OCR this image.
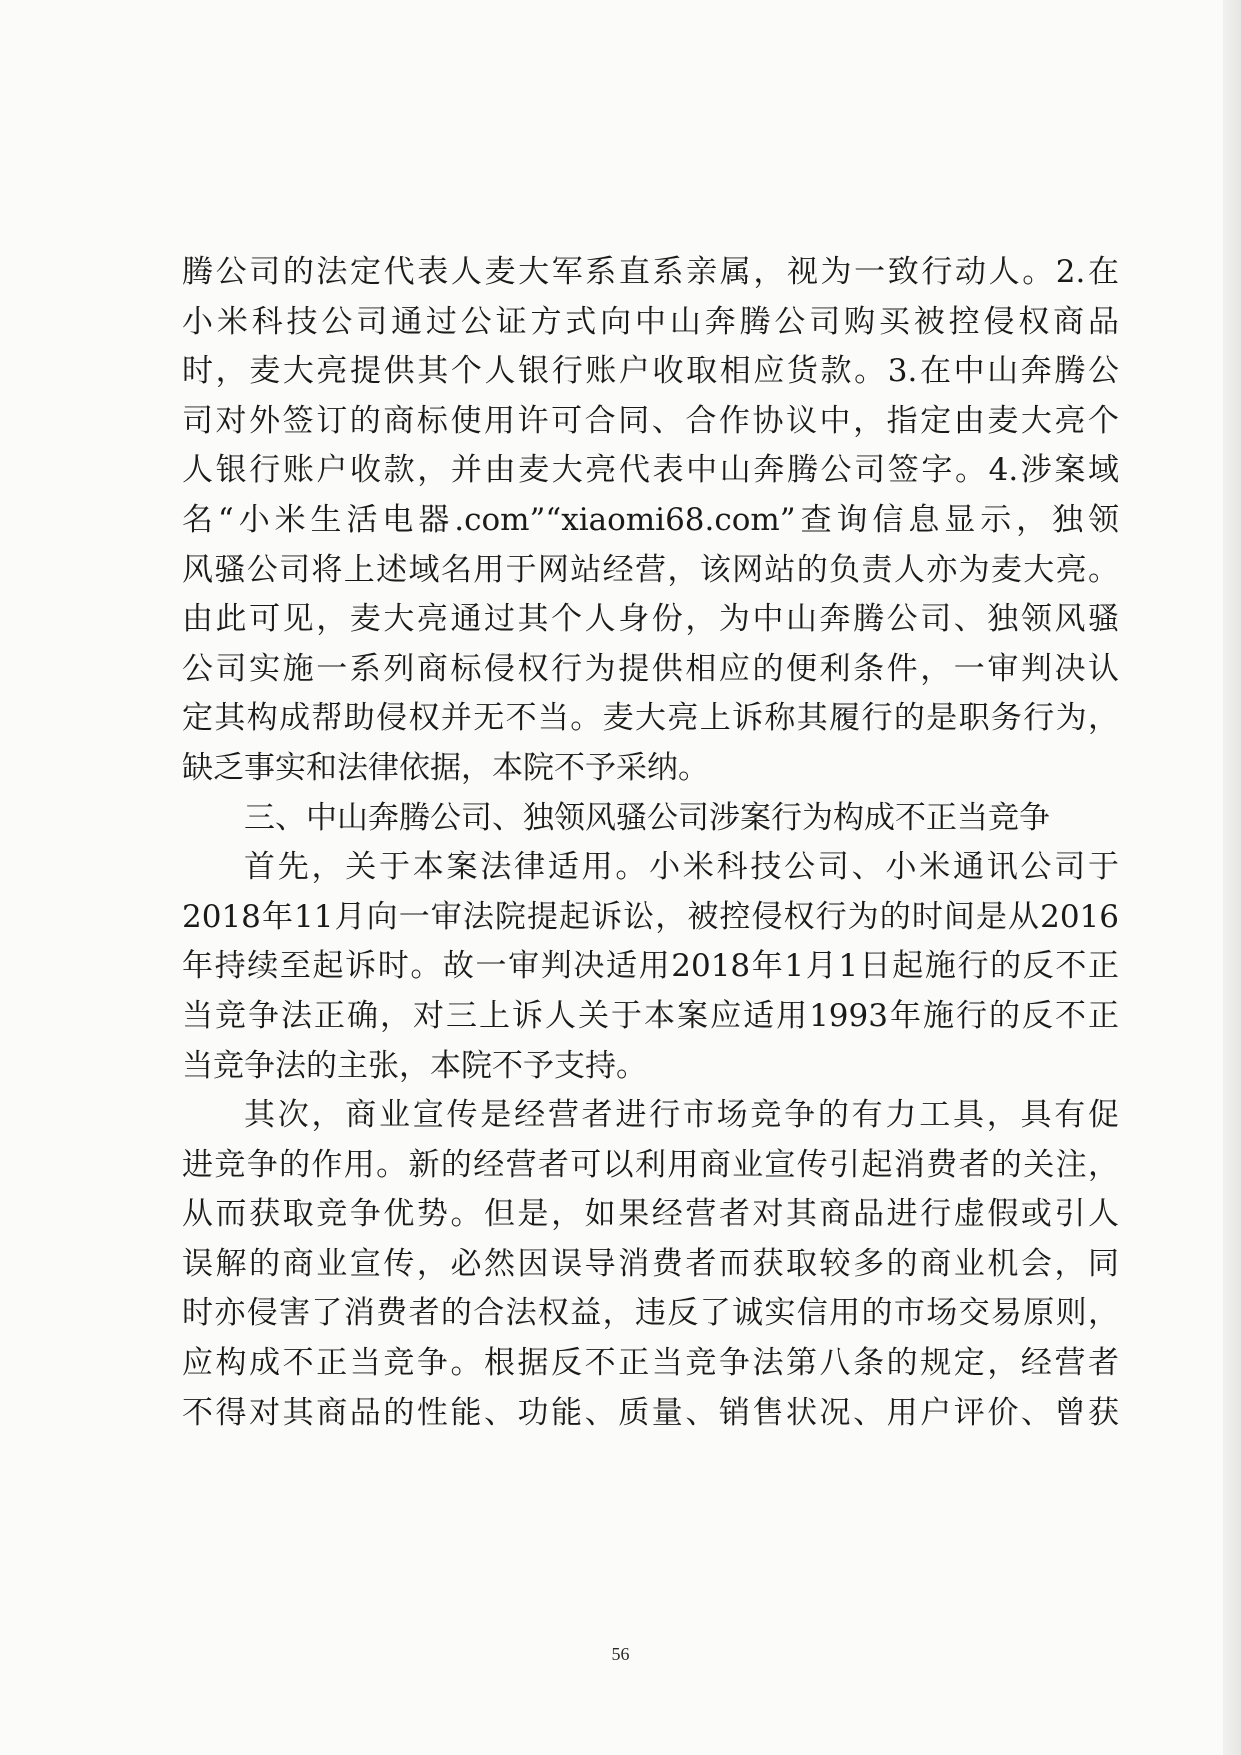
腾公司的法定代表人麦大军系直系亲属，视为一致行动人。2.在
小米科技公司通过公证方式向中山奔腾公司购买被控侵权商品
时，麦大亮提供其个人银行账户收取相应货款。3.在中山奔腾公
司对外签订的商标使用许可合同、合作协议中，指定由麦大亮个
人银行账户收款，并由麦大亮代表中山奔腾公司签字。4.涉案域
名“小米生活电器.com”“xiaomi68.com”查询信息显示，独领
风骚公司将上述域名用于网站经营，该网站的负责人亦为麦大亮。
由此可见，麦大亮通过其个人身份，为中山奔腾公司、独领风骚
公司实施一系列商标侵权行为提供相应的便利条件，一审判决认
定其构成帮助侵权并无不当。麦大亮上诉称其履行的是职务行为，
缺乏事实和法律依据，本院不予采纳。
三、中山奔腾公司、独领风骚公司涉案行为构成不正当竞争
首先，关于本案法律适用。小米科技公司、小米通讯公司于
2018年11月向一审法院提起诉讼，被控侵权行为的时间是从2016
年持续至起诉时。故一审判决适用2018年1月1日起施行的反不正
当竞争法正确，对三上诉人关于本案应适用1993年施行的反不正
当竞争法的主张，本院不予支持。
其次，商业宣传是经营者进行市场竞争的有力工具，具有促
进竞争的作用。新的经营者可以利用商业宣传引起消费者的关注，
从而获取竞争优势。但是，如果经营者对其商品进行虚假或引人
误解的商业宣传，必然因误导消费者而获取较多的商业机会，同
时亦侵害了消费者的合法权益，违反了诚实信用的市场交易原则，
应构成不正当竞争。根据反不正当竞争法第八条的规定，经营者
不得对其商品的性能、功能、质量、销售状况、用户评价、曾获
56
